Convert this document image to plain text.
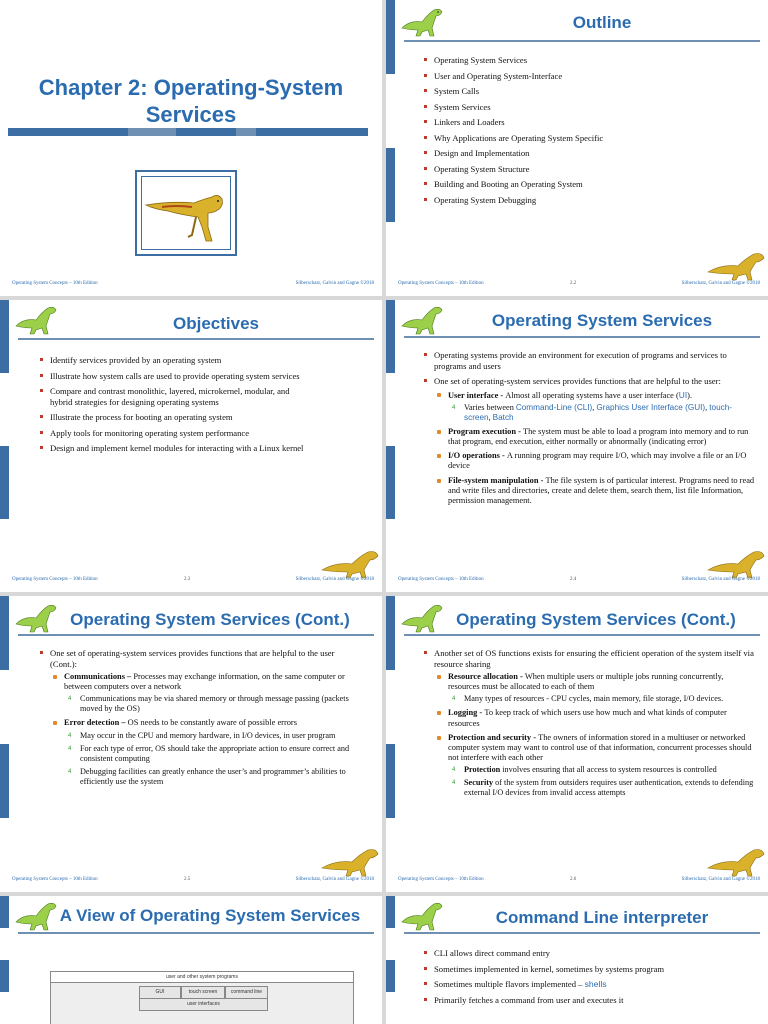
Chapter 2: Operating-System Services
Operating System Concepts – 10th Edition	Silberschatz, Galvin and Gagne ©2018
Outline
Operating System Services
User and Operating System-Interface
System Calls
System Services
Linkers and Loaders
Why Applications are Operating System Specific
Design and Implementation
Operating System Structure
Building and Booting an Operating System
Operating System Debugging
Operating System Concepts – 10th Edition	2.2	Silberschatz, Galvin and Gagne ©2018
Objectives
Identify services provided by an operating system
Illustrate how system calls are used to provide operating system services
Compare and contrast monolithic, layered, microkernel, modular, and hybrid strategies for designing operating systems
Illustrate the process for booting an operating system
Apply tools for monitoring operating system performance
Design and implement kernel modules for interacting with a Linux kernel
Operating System Concepts – 10th Edition	2.3	Silberschatz, Galvin and Gagne ©2018
Operating System Services
Operating systems provide an environment for execution of programs and services to programs and users
One set of operating-system services provides functions that are helpful to the user:
User interface - Almost all operating systems have a user interface (UI).
4 Varies between Command-Line (CLI), Graphics User Interface (GUI), touch-screen, Batch
Program execution - The system must be able to load a program into memory and to run that program, end execution, either normally or abnormally (indicating error)
I/O operations - A running program may require I/O, which may involve a file or an I/O device
File-system manipulation - The file system is of particular interest. Programs need to read and write files and directories, create and delete them, search them, list file Information, permission management.
Operating System Concepts – 10th Edition	2.4	Silberschatz, Galvin and Gagne ©2018
Operating System Services (Cont.)
One set of operating-system services provides functions that are helpful to the user (Cont.):
Communications – Processes may exchange information, on the same computer or between computers over a network
4 Communications may be via shared memory or through message passing (packets moved by the OS)
Error detection – OS needs to be constantly aware of possible errors
4 May occur in the CPU and memory hardware, in I/O devices, in user program
4 For each type of error, OS should take the appropriate action to ensure correct and consistent computing
4 Debugging facilities can greatly enhance the user’s and programmer’s abilities to efficiently use the system
Operating System Concepts – 10th Edition	2.5	Silberschatz, Galvin and Gagne ©2018
Operating System Services (Cont.)
Another set of OS functions exists for ensuring the efficient operation of the system itself via resource sharing
Resource allocation - When multiple users or multiple jobs running concurrently, resources must be allocated to each of them
4 Many types of resources - CPU cycles, main memory, file storage, I/O devices.
Logging - To keep track of which users use how much and what kinds of computer resources
Protection and security - The owners of information stored in a multiuser or networked computer system may want to control use of that information, concurrent processes should not interfere with each other
4 Protection involves ensuring that all access to system resources is controlled
4 Security of the system from outsiders requires user authentication, extends to defending external I/O devices from invalid access attempts
Operating System Concepts – 10th Edition	2.6	Silberschatz, Galvin and Gagne ©2018
A View of Operating System Services
user and other system programs
GUI	touch screen	command line
user interfaces
Command Line interpreter
CLI allows direct command entry
Sometimes implemented in kernel, sometimes by systems program
Sometimes multiple flavors implemented – shells
Primarily fetches a command from user and executes it
